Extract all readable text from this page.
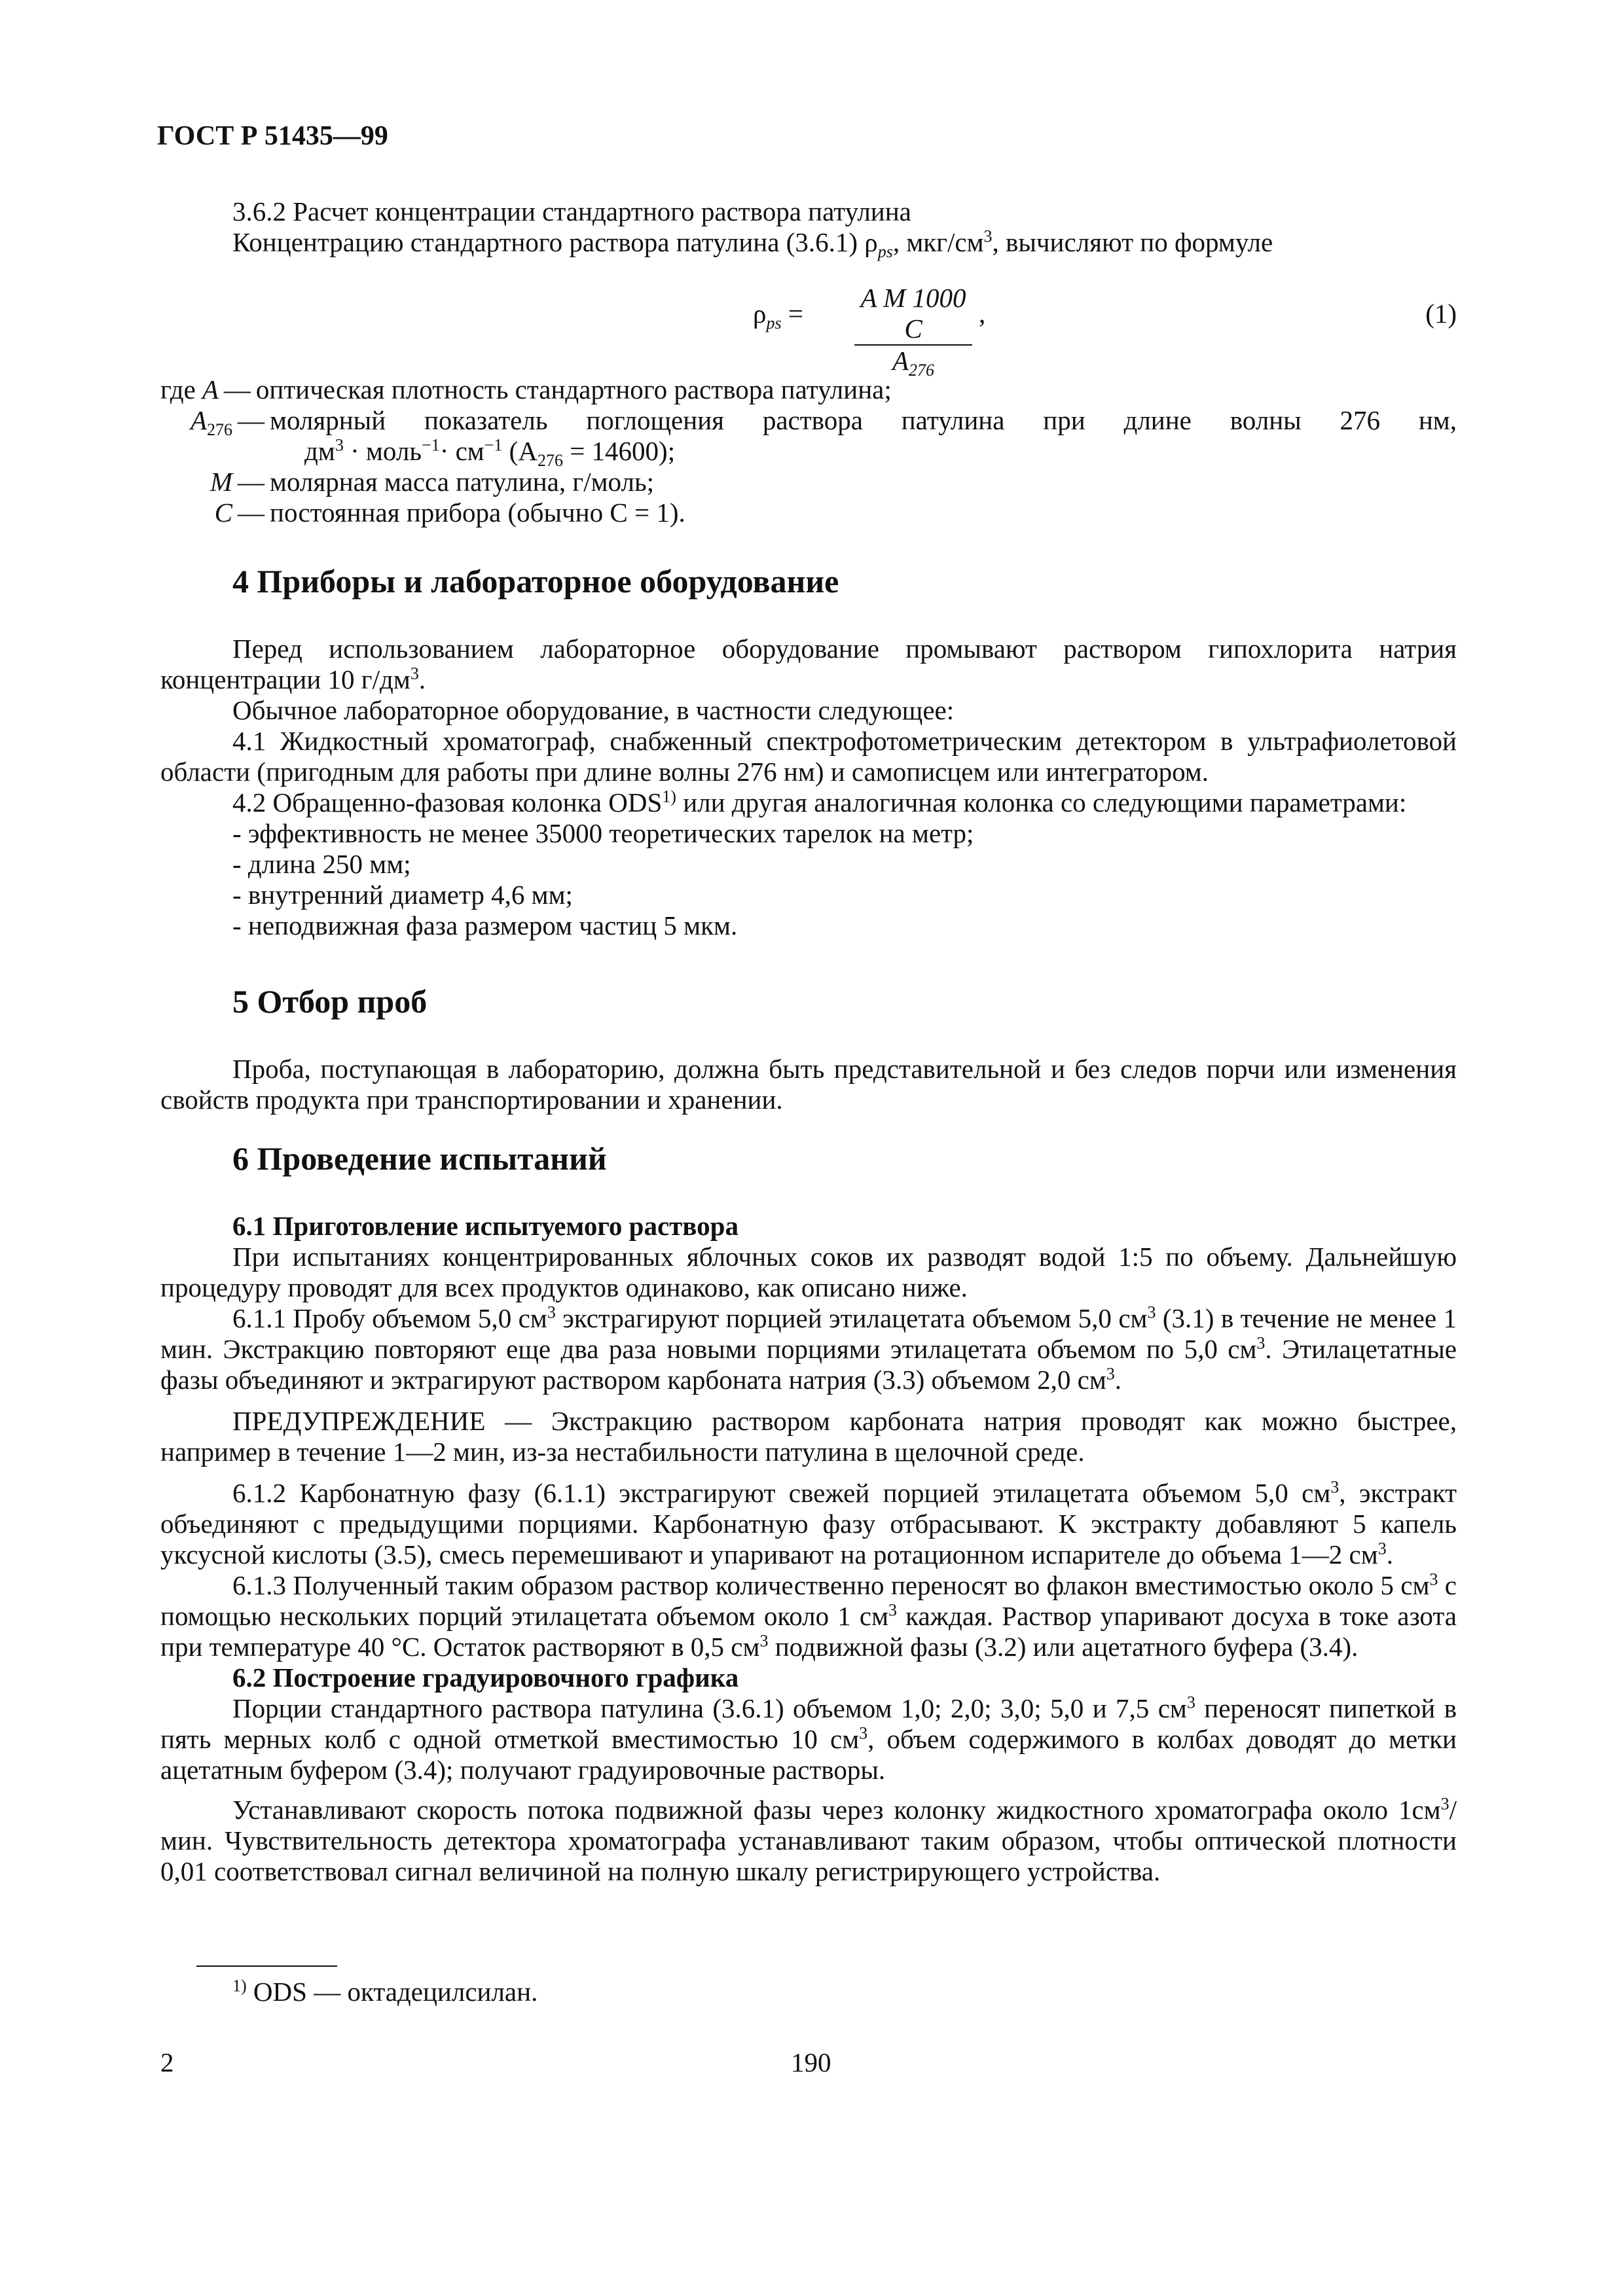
ГОСТ Р 51435—99

3.6.2 Расчет концентрации стандартного раствора патулина

Концентрацию стандартного раствора патулина (3.6.1) $\rho_{ps}$, мкг/$см^3$, вычисляют по формуле

$\rho_{ps} = \frac{\text{A M 1000 C}}{A_{276}}$ ,	(1)
где A — оптическая плотность стандартного раствора патулина;
$A_{276}$ — молярный показатель поглощения раствора патулина при длине волны 276 нм,
$дм^3$ · моль$^{-1}$· $см^{-1}$ $(A_{276} = 14600)$;
M — молярная масса патулина, г/моль;
C — постоянная прибора (обычно C = 1).

4 Приборы и лабораторное оборудование

Перед использованием лабораторное оборудование промывают раствором гипохлорита натрия концентрации 10 $г/дм^3$.

Обычное лабораторное оборудование, в частности следующее:

4.1 Жидкостный хроматограф, снабженный спектрофотометрическим детектором в ультрафиолетовой области (пригодным для работы при длине волны 276 нм) и самописцем или интегратором.

4.2 Обращенно-фазовая колонка ODS$^{1)}$ или другая аналогичная колонка со следующими параметрами:

- эффективность не менее 35000 теоретических тарелок на метр;

- длина 250 мм;

- внутренний диаметр 4,6 мм;

- неподвижная фаза размером частиц 5 мкм.

5 Отбор проб

Проба, поступающая в лабораторию, должна быть представительной и без следов порчи или изменения свойств продукта при транспортировании и хранении.

6 Проведение испытаний

6.1 Приготовление испытуемого раствора

При испытаниях концентрированных яблочных соков их разводят водой 1:5 по объему. Дальнейшую процедуру проводят для всех продуктов одинаково, как описано ниже.

6.1.1 Пробу объемом 5,0 $см^3$ экстрагируют порцией этилацетата объемом 5,0 $см^3$ (3.1) в течение не менее 1 мин. Экстракцию повторяют еще два раза новыми порциями этилацетата объемом по 5,0 $см^3$. Этилацетатные фазы объединяют и эктрагируют раствором карбоната натрия (3.3) объемом 2,0 $см^3$.

ПРЕДУПРЕЖДЕНИЕ — Экстракцию раствором карбоната натрия проводят как можно быстрее, например в течение 1—2 мин, из-за нестабильности патулина в щелочной среде.

6.1.2 Карбонатную фазу (6.1.1) экстрагируют свежей порцией этилацетата объемом 5,0 $см^3$, экстракт объединяют с предыдущими порциями. Карбонатную фазу отбрасывают. К экстракту добавляют 5 капель уксусной кислоты (3.5), смесь перемешивают и упаривают на ротационном испарителе до объема 1—2 $см^3$.

6.1.3 Полученный таким образом раствор количественно переносят во флакон вместимостью около 5 $см^3$ с помощью нескольких порций этилацетата объемом около 1 $см^3$ каждая. Раствор упаривают досуха в токе азота при температуре 40 °С. Остаток растворяют в 0,5 $см^3$ подвижной фазы (3.2) или ацетатного буфера (3.4).

6.2 Построение градуировочного графика

Порции стандартного раствора патулина (3.6.1) объемом 1,0; 2,0; 3,0; 5,0 и 7,5 $см^3$ переносят пипеткой в пять мерных колб с одной отметкой вместимостью 10 $см^3$, объем содержимого в колбах доводят до метки ацетатным буфером (3.4); получают градуировочные растворы.

Устанавливают скорость потока подвижной фазы через колонку жидкостного хроматографа около $1см^3$/мин. Чувствительность детектора хроматографа устанавливают таким образом, чтобы оптической плотности 0,01 соответствовал сигнал величиной на полную шкалу регистрирующего устройства.

$^{1)}$ ODS — октадецилсилан.

2	190
